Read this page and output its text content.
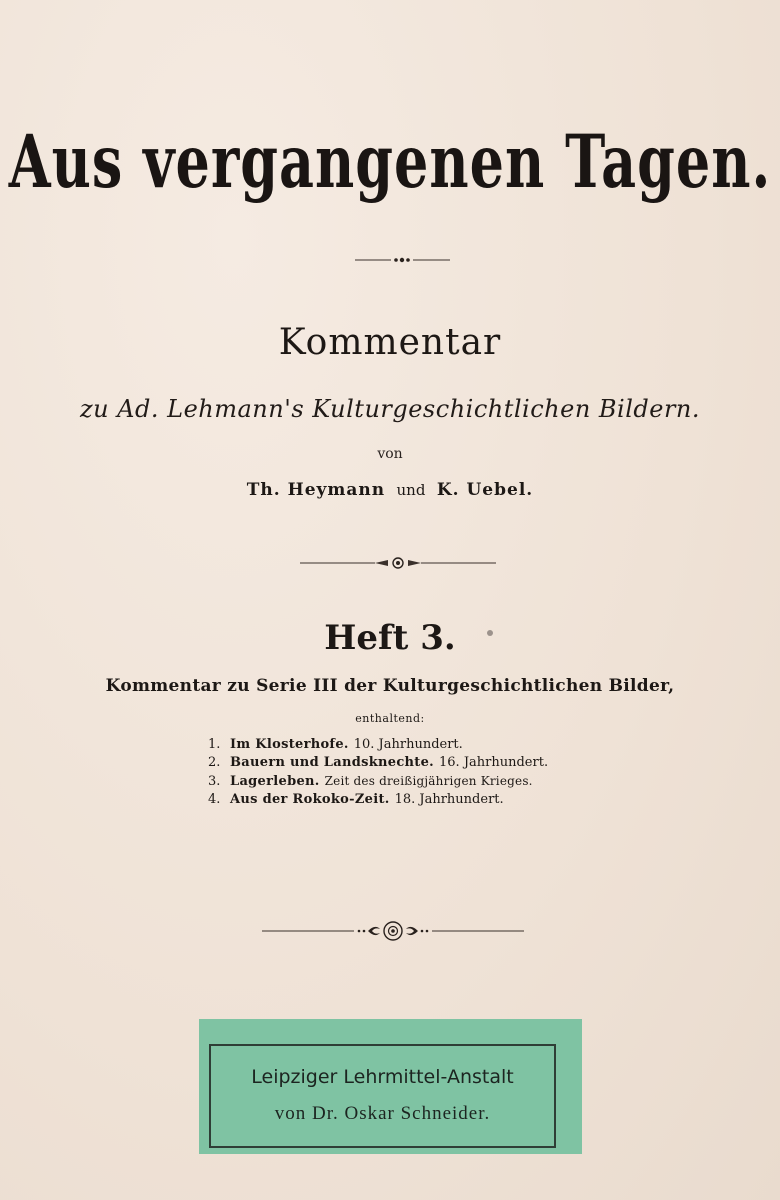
Aus vergangenen Tagen.
Kommentar
zu Ad. Lehmann's Kulturgeschichtlichen Bildern.
von
Th. Heymann und K. Uebel.
Heft 3.
Kommentar zu Serie III der Kulturgeschichtlichen Bilder,
enthaltend:
1. Im Klosterhofe. 10. Jahrhundert.
2. Bauern und Landsknechte. 16. Jahrhundert.
3. Lagerleben. Zeit des dreißigjährigen Krieges.
4. Aus der Rokoko-Zeit. 18. Jahrhundert.
Leipziger Lehrmittel-Anstalt
von Dr. Oskar Schneider.
